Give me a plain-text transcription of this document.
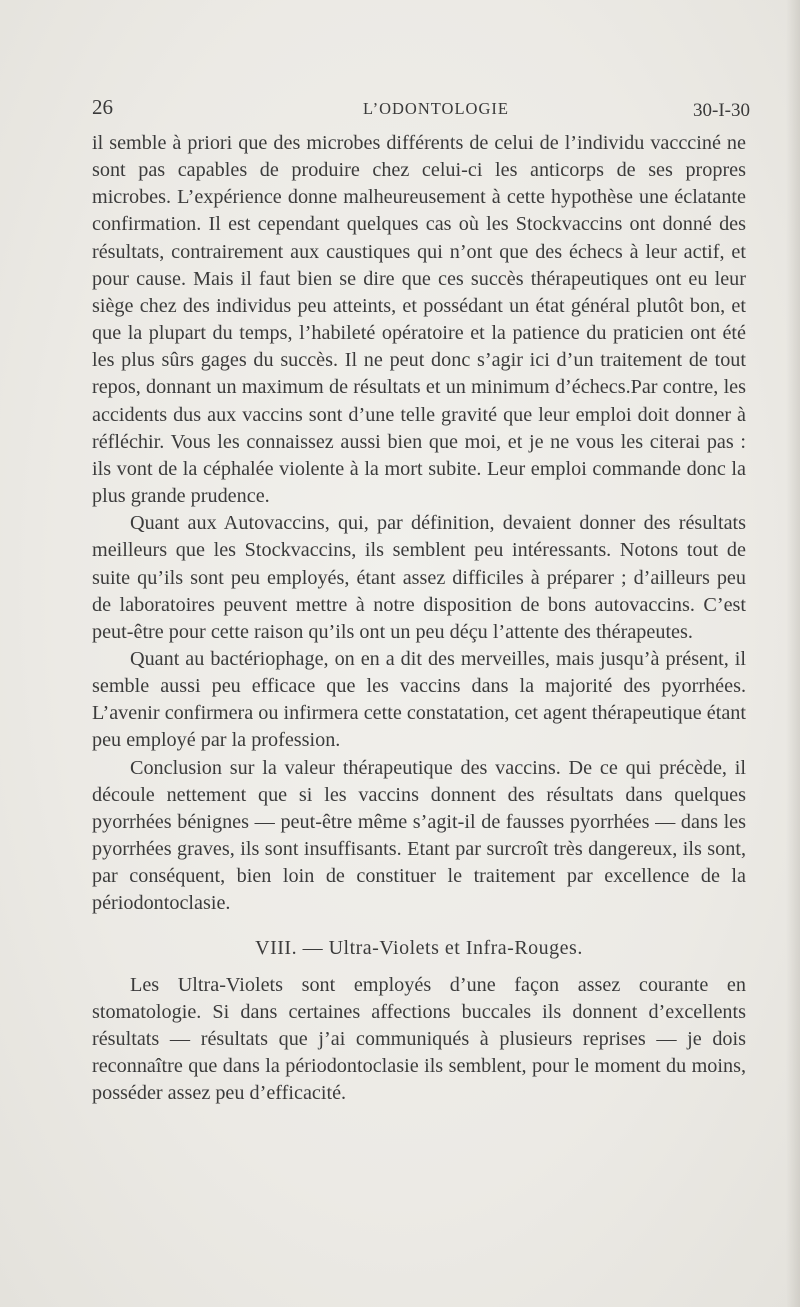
26	L’ODONTOLOGIE	30-I-30

il semble à priori que des microbes différents de celui de l’individu vaccciné ne sont pas capables de produire chez celui-ci les anticorps de ses propres microbes. L’expérience donne malheureusement à cette hypothèse une éclatante confirmation. Il est cependant quelques cas où les Stockvaccins ont donné des résultats, contrairement aux caustiques qui n’ont que des échecs à leur actif, et pour cause. Mais il faut bien se dire que ces succès thérapeutiques ont eu leur siège chez des individus peu atteints, et possédant un état général plutôt bon, et que la plupart du temps, l’habileté opératoire et la patience du praticien ont été les plus sûrs gages du succès. Il ne peut donc s’agir ici d’un traitement de tout repos, donnant un maximum de résultats et un minimum d’échecs.Par contre, les accidents dus aux vaccins sont d’une telle gravité que leur emploi doit donner à réfléchir. Vous les connaissez aussi bien que moi, et je ne vous les citerai pas : ils vont de la céphalée violente à la mort subite. Leur emploi commande donc la plus grande prudence.

Quant aux Autovaccins, qui, par définition, devaient donner des résultats meilleurs que les Stockvaccins, ils semblent peu intéressants. Notons tout de suite qu’ils sont peu employés, étant assez difficiles à préparer ; d’ailleurs peu de laboratoires peuvent mettre à notre disposition de bons autovaccins. C’est peut-être pour cette raison qu’ils ont un peu déçu l’attente des thérapeutes.

Quant au bactériophage, on en a dit des merveilles, mais jusqu’à présent, il semble aussi peu efficace que les vaccins dans la majorité des pyorrhées. L’avenir confirmera ou infirmera cette constatation, cet agent thérapeutique étant peu employé par la profession.

Conclusion sur la valeur thérapeutique des vaccins. De ce qui précède, il découle nettement que si les vaccins donnent des résultats dans quelques pyorrhées bénignes — peut-être même s’agit-il de fausses pyorrhées — dans les pyorrhées graves, ils sont insuffisants. Etant par surcroît très dangereux, ils sont, par conséquent, bien loin de constituer le traitement par excellence de la périodontoclasie.

VIII. — Ultra-Violets et Infra-Rouges.

Les Ultra-Violets sont employés d’une façon assez courante en stomatologie. Si dans certaines affections buccales ils donnent d’excellents résultats — résultats que j’ai communiqués à plusieurs reprises — je dois reconnaître que dans la périodontoclasie ils semblent, pour le moment du moins, posséder assez peu d’efficacité.
